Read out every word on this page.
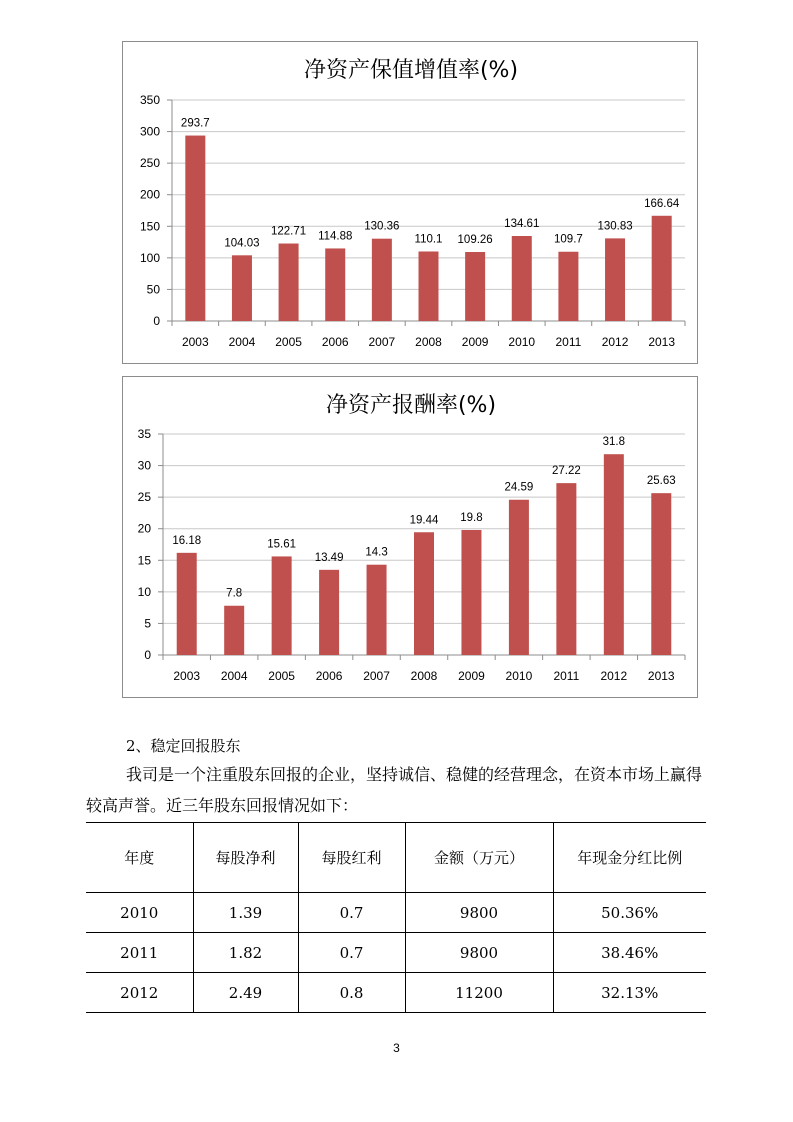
净资产保值增值率(%)
0
50
100
150
200
250
300
350
293.7
2003
104.03
2004
122.71
2005
114.88
2006
130.36
2007
110.1
2008
109.26
2009
134.61
2010
109.7
2011
130.83
2012
166.64
2013
净资产报酬率(%)
0
5
10
15
20
25
30
35
16.18
2003
7.8
2004
15.61
2005
13.49
2006
14.3
2007
19.44
2008
19.8
2009
24.59
2010
27.22
2011
31.8
2012
25.63
2013
2、稳定回报股东
我司是一个注重股东回报的企业，坚持诚信、稳健的经营理念，在资本市场上赢得
较高声誉。近三年股东回报情况如下：
年度	每股净利	每股红利	金额（万元）	年现金分红比例
2010	1.39	0.7	9800	50.36%
2011	1.82	0.7	9800	38.46%
2012	2.49	0.8	11200	32.13%
3
